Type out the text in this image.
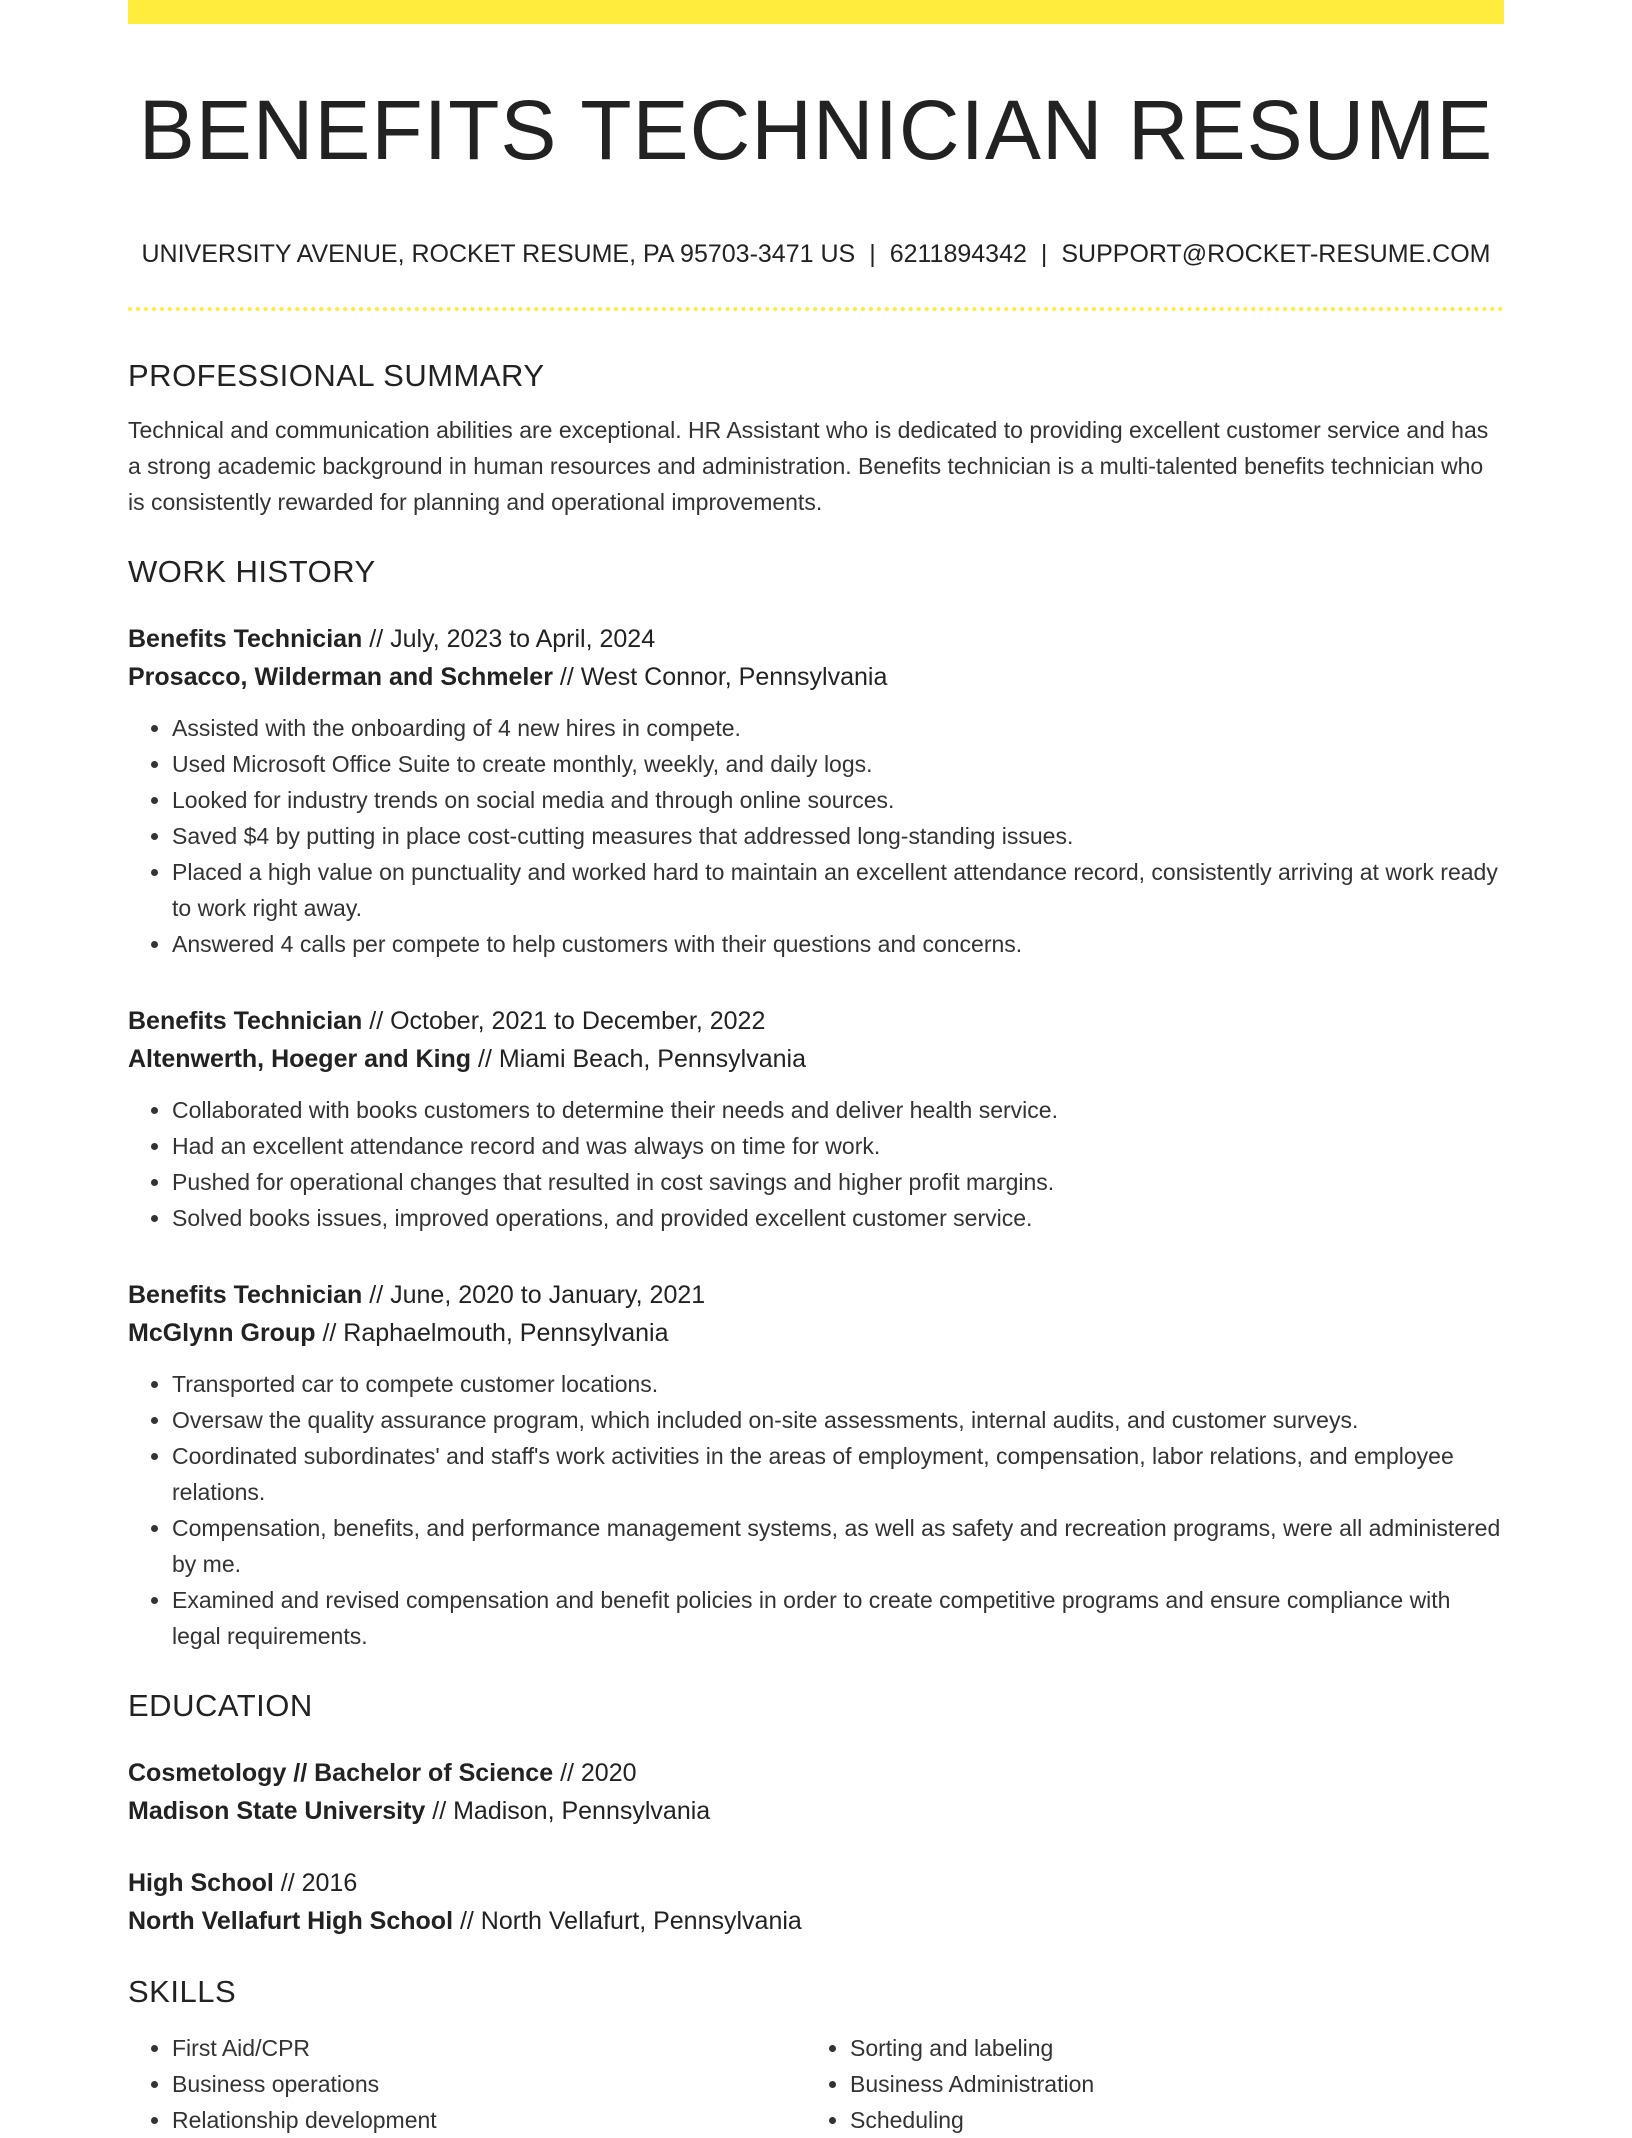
BENEFITS TECHNICIAN RESUME
UNIVERSITY AVENUE, ROCKET RESUME, PA 95703-3471 US | 6211894342 | SUPPORT@ROCKET-RESUME.COM
PROFESSIONAL SUMMARY

Technical and communication abilities are exceptional. HR Assistant who is dedicated to providing excellent customer service and has a strong academic background in human resources and administration. Benefits technician is a multi-talented benefits technician who is consistently rewarded for planning and operational improvements.

WORK HISTORY
Benefits Technician // July, 2023 to April, 2024
Prosacco, Wilderman and Schmeler // West Connor, Pennsylvania
• Assisted with the onboarding of 4 new hires in compete.
• Used Microsoft Office Suite to create monthly, weekly, and daily logs.
• Looked for industry trends on social media and through online sources.
• Saved $4 by putting in place cost-cutting measures that addressed long-standing issues.
• Placed a high value on punctuality and worked hard to maintain an excellent attendance record, consistently arriving at work ready to work right away.
• Answered 4 calls per compete to help customers with their questions and concerns.
Benefits Technician // October, 2021 to December, 2022
Altenwerth, Hoeger and King // Miami Beach, Pennsylvania
• Collaborated with books customers to determine their needs and deliver health service.
• Had an excellent attendance record and was always on time for work.
• Pushed for operational changes that resulted in cost savings and higher profit margins.
• Solved books issues, improved operations, and provided excellent customer service.
Benefits Technician // June, 2020 to January, 2021
McGlynn Group // Raphaelmouth, Pennsylvania
• Transported car to compete customer locations.
• Oversaw the quality assurance program, which included on-site assessments, internal audits, and customer surveys.
• Coordinated subordinates' and staff's work activities in the areas of employment, compensation, labor relations, and employee relations.
• Compensation, benefits, and performance management systems, as well as safety and recreation programs, were all administered by me.
• Examined and revised compensation and benefit policies in order to create competitive programs and ensure compliance with legal requirements.
EDUCATION
Cosmetology // Bachelor of Science // 2020
Madison State University // Madison, Pennsylvania
High School // 2016
North Vellafurt High School // North Vellafurt, Pennsylvania
SKILLS
• First Aid/CPR
• Business operations
• Relationship development
• Sorting and labeling
• Business Administration
• Scheduling
